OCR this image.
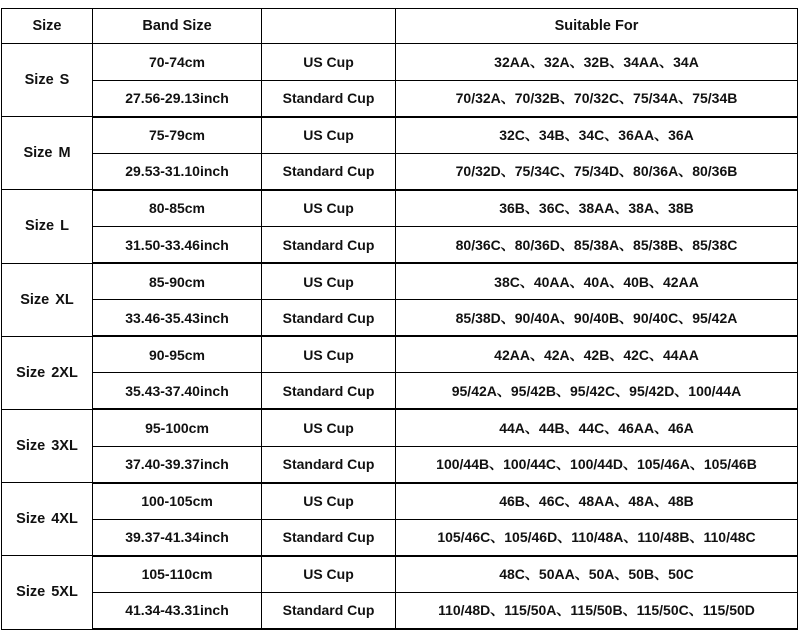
Size	Band Size		Suitable For
Size S	70-74cm	US Cup	32AA、32A、32B、34AA、34A
	27.56-29.13inch	Standard Cup	70/32A、70/32B、70/32C、75/34A、75/34B
Size M	75-79cm	US Cup	32C、34B、34C、36AA、36A
	29.53-31.10inch	Standard Cup	70/32D、75/34C、75/34D、80/36A、80/36B
Size L	80-85cm	US Cup	36B、36C、38AA、38A、38B
	31.50-33.46inch	Standard Cup	80/36C、80/36D、85/38A、85/38B、85/38C
Size XL	85-90cm	US Cup	38C、40AA、40A、40B、42AA
	33.46-35.43inch	Standard Cup	85/38D、90/40A、90/40B、90/40C、95/42A
Size 2XL	90-95cm	US Cup	42AA、42A、42B、42C、44AA
	35.43-37.40inch	Standard Cup	95/42A、95/42B、95/42C、95/42D、100/44A
Size 3XL	95-100cm	US Cup	44A、44B、44C、46AA、46A
	37.40-39.37inch	Standard Cup	100/44B、100/44C、100/44D、105/46A、105/46B
Size 4XL	100-105cm	US Cup	46B、46C、48AA、48A、48B
	39.37-41.34inch	Standard Cup	105/46C、105/46D、110/48A、110/48B、110/48C
Size 5XL	105-110cm	US Cup	48C、50AA、50A、50B、50C
	41.34-43.31inch	Standard Cup	110/48D、115/50A、115/50B、115/50C、115/50D
